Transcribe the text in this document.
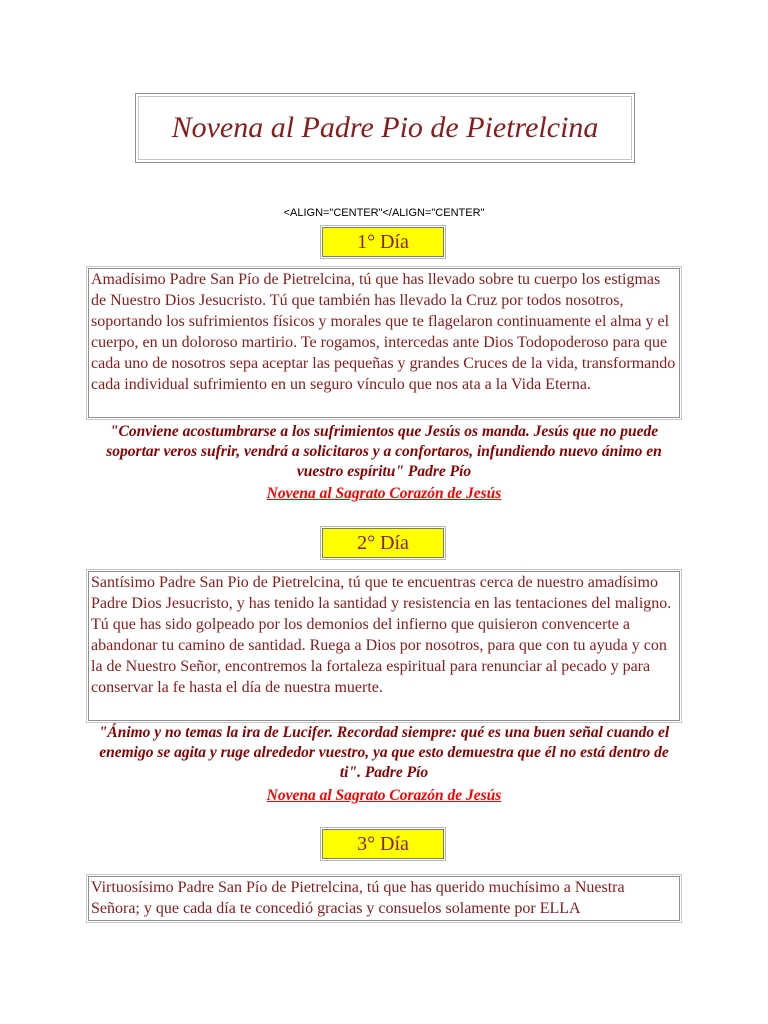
Novena al Padre Pio de Pietrelcina
<ALIGN="CENTER"</ALIGN="CENTER"
1° Día
Amadísimo Padre San Pío de Pietrelcina, tú que has llevado sobre tu cuerpo los estigmas de Nuestro Dios Jesucristo. Tú que también has llevado la Cruz por todos nosotros, soportando los sufrimientos físicos y morales que te flagelaron continuamente el alma y el cuerpo, en un doloroso martirio. Te rogamos, intercedas ante Dios Todopoderoso para que cada uno de nosotros sepa aceptar las pequeñas y grandes Cruces de la vida, transformando cada individual sufrimiento en un seguro vínculo que nos ata a la Vida Eterna.
"Conviene acostumbrarse a los sufrimientos que Jesús os manda. Jesús que no puede soportar veros sufrir, vendrá a solicitaros y a confortaros, infundiendo nuevo ánimo en vuestro espíritu" Padre Pío
Novena al Sagrato Corazón de Jesús
2° Día
Santísimo Padre San Pio de Pietrelcina, tú que te encuentras cerca de nuestro amadísimo Padre Dios Jesucristo, y has tenido la santidad y resistencia en las tentaciones del maligno. Tú que has sido golpeado por los demonios del infierno que quisieron convencerte a abandonar tu camino de santidad. Ruega a Dios por nosotros, para que con tu ayuda y con la de Nuestro Señor, encontremos la fortaleza espiritual para renunciar al pecado y para conservar la fe hasta el día de nuestra muerte.
"Ánimo y no temas la ira de Lucifer. Recordad siempre: qué es una buen señal cuando el enemigo se agita y ruge alrededor vuestro, ya que esto demuestra que él no está dentro de ti". Padre Pío
Novena al Sagrato Corazón de Jesús
3° Día
Virtuosísimo Padre San Pío de Pietrelcina, tú que has querido muchísimo a Nuestra Señora; y que cada día te concedió gracias y consuelos solamente por ELLA
